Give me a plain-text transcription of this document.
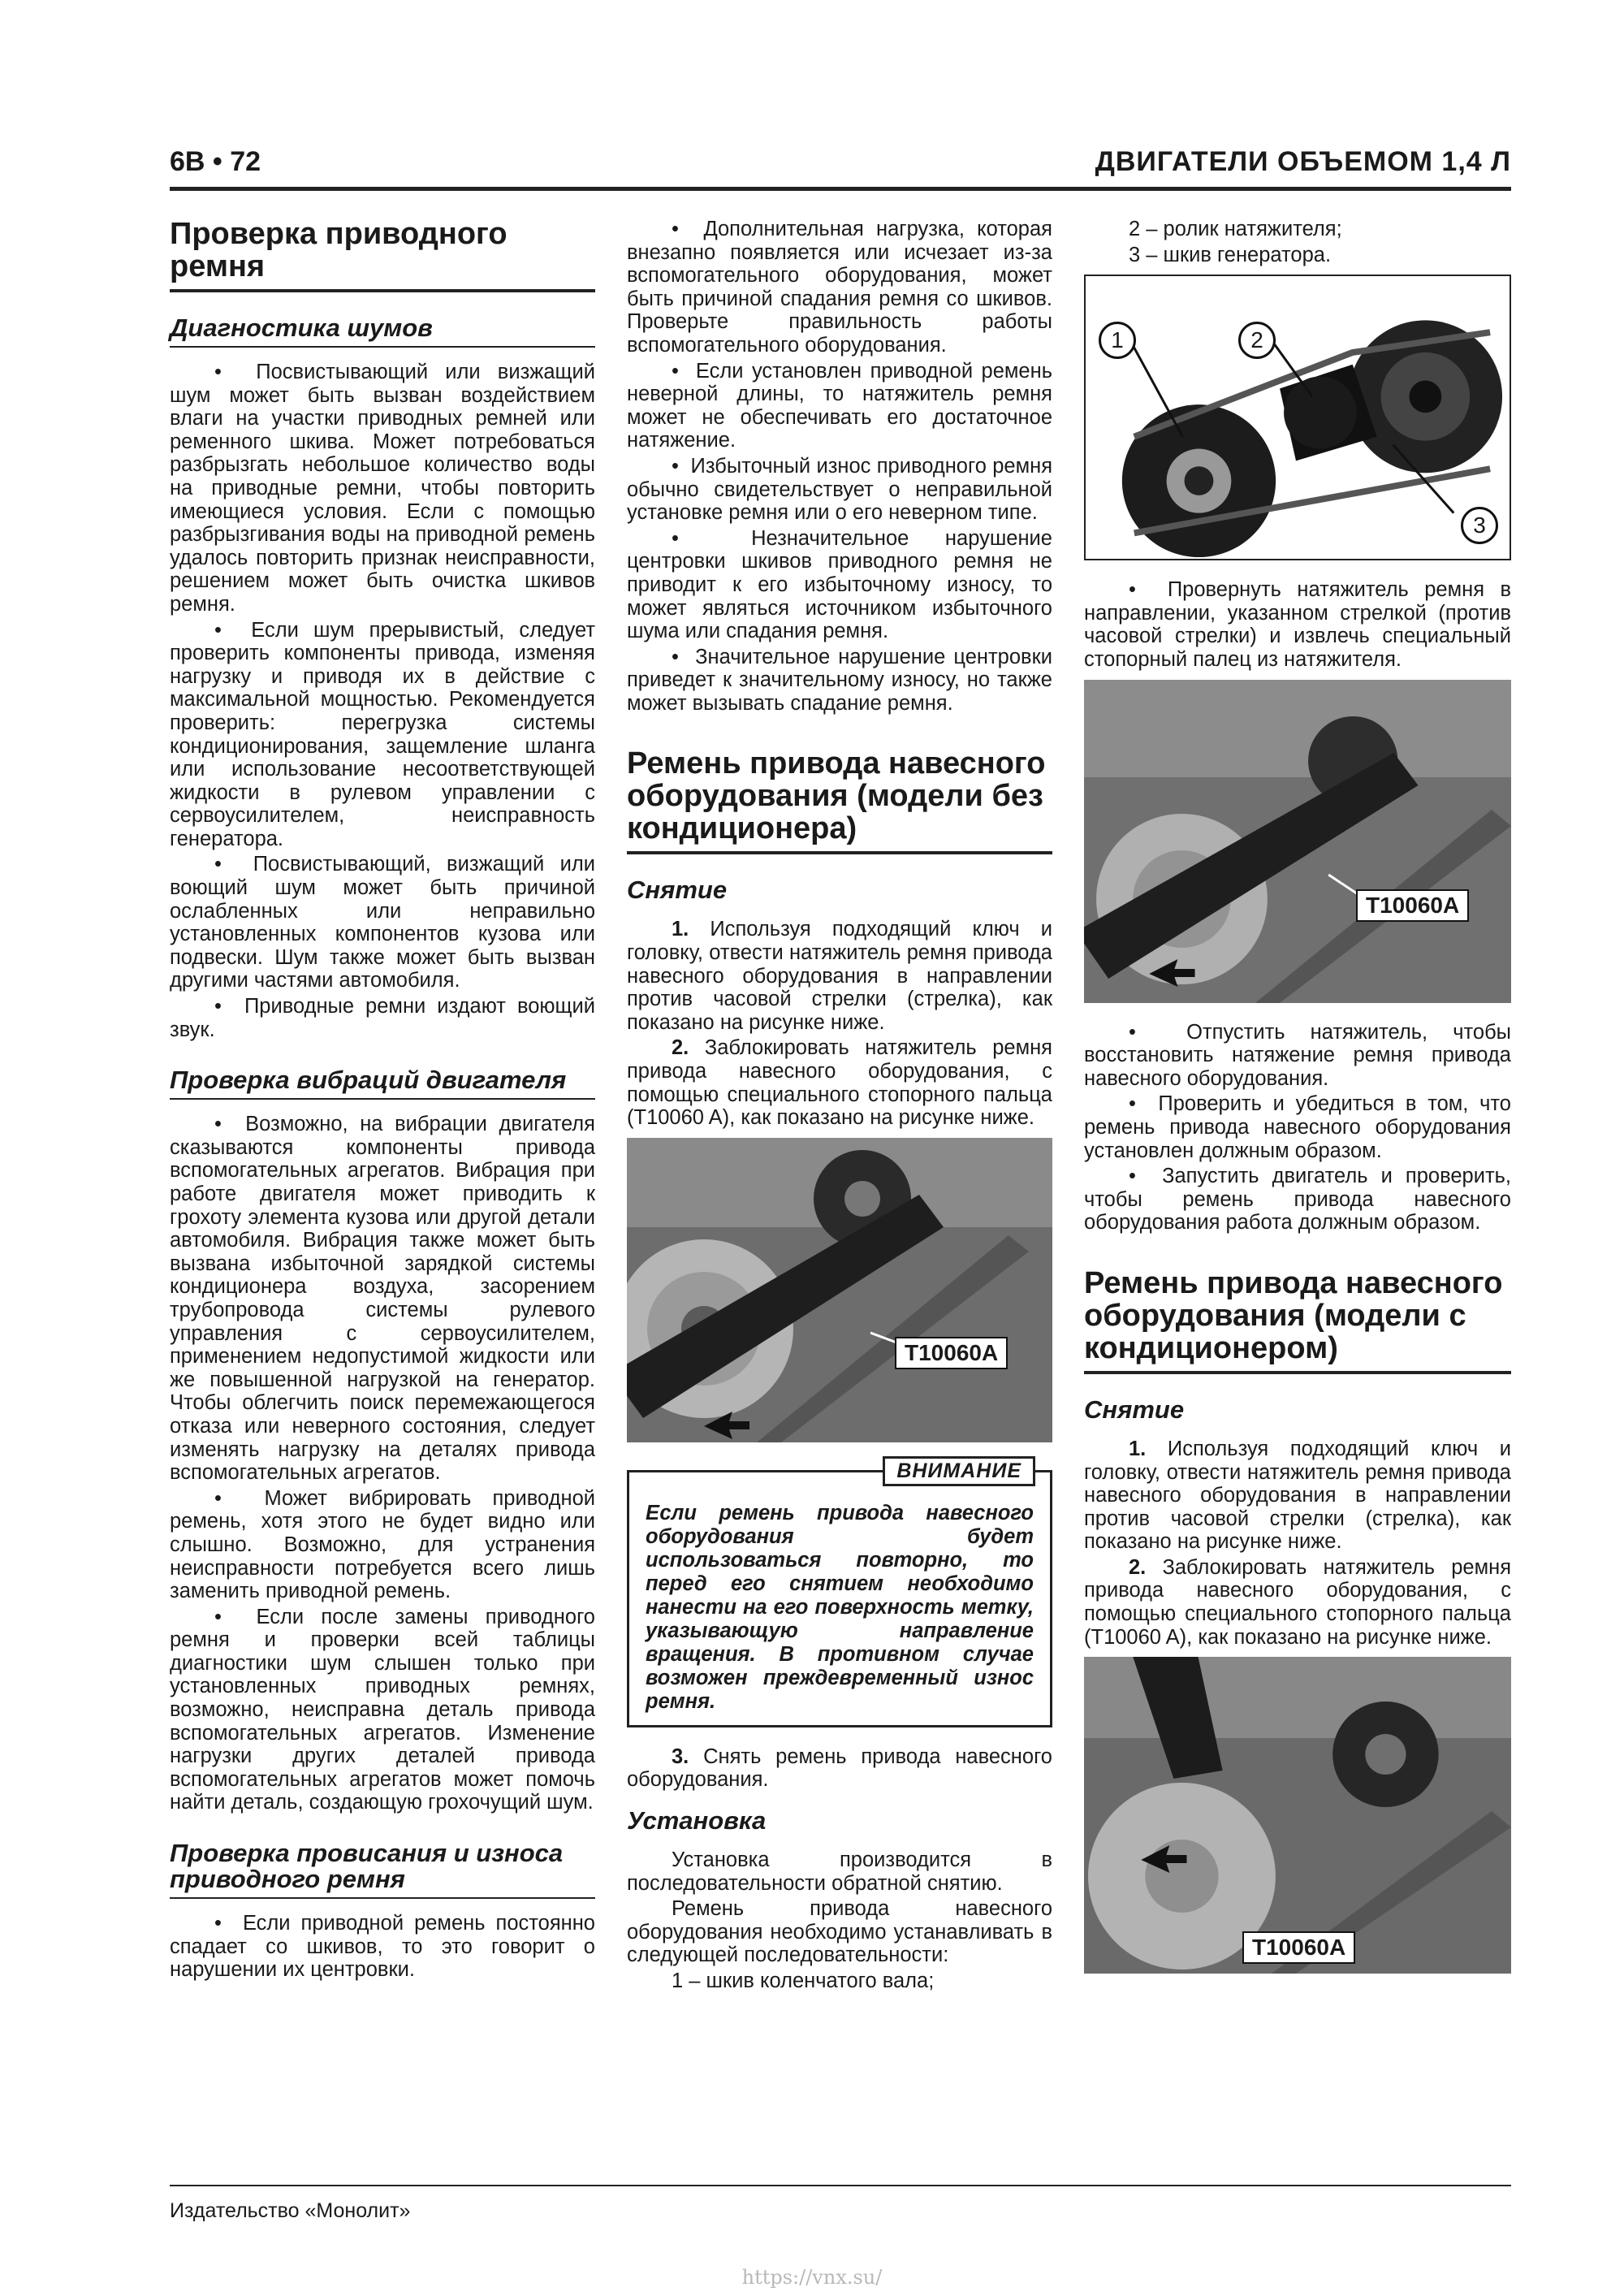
6В • 72	ДВИГАТЕЛИ ОБЪЕМОМ 1,4 Л
Проверка приводного ремня
Диагностика шумов

•  Посвистывающий или визжащий шум может быть вызван воздействием влаги на участки приводных ремней или ременного шкива. Может потребоваться разбрызгать небольшое количество воды на приводные ремни, чтобы повторить имеющиеся условия. Если с помощью разбрызгивания воды на приводной ремень удалось повторить признак неисправности, решением может быть очистка шкивов ремня.

•  Если шум прерывистый, следует проверить компоненты привода, изменяя нагрузку и приводя их в действие с максимальной мощностью. Рекомендуется проверить: перегрузка системы кондиционирования, защемление шланга или использование несоответствующей жидкости в рулевом управлении с сервоусилителем, неисправность генератора.

•  Посвистывающий, визжащий или воющий шум может быть причиной ослабленных или неправильно установленных компонентов кузова или подвески. Шум также может быть вызван другими частями автомобиля.

•  Приводные ремни издают воющий звук.

Проверка вибраций двигателя

•  Возможно, на вибрации двигателя сказываются компоненты привода вспомогательных агрегатов. Вибрация при работе двигателя может приводить к грохоту элемента кузова или другой детали автомобиля. Вибрация также может быть вызвана избыточной зарядкой системы кондиционера воздуха, засорением трубопровода системы рулевого управления с сервоусилителем, применением недопустимой жидкости или же повышенной нагрузкой на генератор. Чтобы облегчить поиск перемежающегося отказа или неверного состояния, следует изменять нагрузку на деталях привода вспомогательных агрегатов.

•  Может вибрировать приводной ремень, хотя этого не будет видно или слышно. Возможно, для устранения неисправности потребуется всего лишь заменить приводной ремень.

•  Если после замены приводного ремня и проверки всей таблицы диагностики шум слышен только при установленных приводных ремнях, возможно, неисправна деталь привода вспомогательных агрегатов. Изменение нагрузки других деталей привода вспомогательных агрегатов может помочь найти деталь, создающую грохочущий шум.

Проверка провисания и износа приводного ремня

•  Если приводной ремень постоянно спадает со шкивов, то это говорит о нарушении их центровки.

•  Дополнительная нагрузка, которая внезапно появляется или исчезает из-за вспомогательного оборудования, может быть причиной спадания ремня со шкивов. Проверьте правильность работы вспомогательного оборудования.

•  Если установлен приводной ремень неверной длины, то натяжитель ремня может не обеспечивать его достаточное натяжение.

•  Избыточный износ приводного ремня обычно свидетельствует о неправильной установке ремня или о его неверном типе.

•  Незначительное нарушение центровки шкивов приводного ремня не приводит к его избыточному износу, то может являться источником избыточного шума или спадания ремня.

•  Значительное нарушение центровки приведет к значительному износу, но также может вызывать спадание ремня.

Ремень привода навесного оборудования (модели без кондиционера)
Снятие

1. Используя подходящий ключ и головку, отвести натяжитель ремня привода навесного оборудования в направлении против часовой стрелки (стрелка), как показано на рисунке ниже.

2. Заблокировать натяжитель ремня привода навесного оборудования, с помощью специального стопорного пальца (T10060 A), как показано на рисунке ниже.

T10060A
ВНИМАНИЕ
Если ремень привода навесного оборудования будет использоваться повторно, то перед его снятием необходимо нанести на его поверхность метку, указывающую направление вращения. В противном случае возможен преждевременный износ ремня.

3. Снять ремень привода навесного оборудования.

Установка

Установка производится в последовательности обратной снятию.

Ремень привода навесного оборудования необходимо устанавливать в следующей последовательности:

1 – шкив коленчатого вала;

2 – ролик натяжителя;

3 – шкив генератора.

1	2
3

•  Провернуть натяжитель ремня в направлении, указанном стрелкой (против часовой стрелки) и извлечь специальный стопорный палец из натяжителя.

T10060A

•  Отпустить натяжитель, чтобы восстановить натяжение ремня привода навесного оборудования.

•  Проверить и убедиться в том, что ремень привода навесного оборудования установлен должным образом.

•  Запустить двигатель и проверить, чтобы ремень привода навесного оборудования работа должным образом.

Ремень привода навесного оборудования (модели с кондиционером)
Снятие

1. Используя подходящий ключ и головку, отвести натяжитель ремня привода навесного оборудования в направлении против часовой стрелки (стрелка), как показано на рисунке ниже.

2. Заблокировать натяжитель ремня привода навесного оборудования, с помощью специального стопорного пальца (T10060 A), как показано на рисунке ниже.

T10060A
Издательство «Монолит»
https://vnx.su/
